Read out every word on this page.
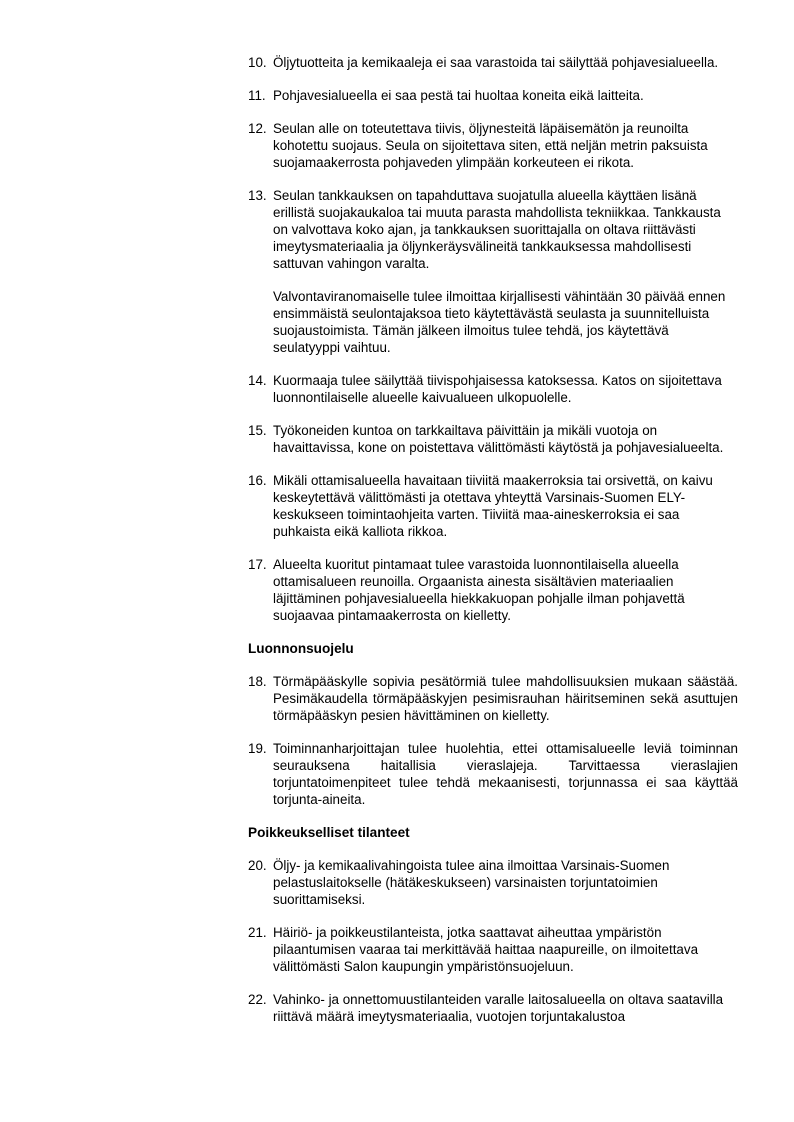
10. Öljytuotteita ja kemikaaleja ei saa varastoida tai säilyttää pohjavesialueella.

11. Pohjavesialueella ei saa pestä tai huoltaa koneita eikä laitteita.

12. Seulan alle on toteutettava tiivis, öljynesteitä läpäisemätön ja reunoilta kohotettu suojaus. Seula on sijoitettava siten, että neljän metrin paksuista suojamaakerrosta pohjaveden ylimpään korkeuteen ei rikota.

13. Seulan tankkauksen on tapahduttava suojatulla alueella käyttäen lisänä erillistä suojakaukaloa tai muuta parasta mahdollista tekniikkaa. Tankkausta on valvottava koko ajan, ja tankkauksen suorittajalla on oltava riittävästi imeytysmateriaalia ja öljynkeräysvälineitä tankkauksessa mahdollisesti sattuvan vahingon varalta.

Valvontaviranomaiselle tulee ilmoittaa kirjallisesti vähintään 30 päivää ennen ensimmäistä seulontajaksoa tieto käytettävästä seulasta ja suunnitelluista suojaustoimista. Tämän jälkeen ilmoitus tulee tehdä, jos käytettävä seulatyyppi vaihtuu.

14. Kuormaaja tulee säilyttää tiivispohjaisessa katoksessa. Katos on sijoitettava luonnontilaiselle alueelle kaivualueen ulkopuolelle.

15. Työkoneiden kuntoa on tarkkailtava päivittäin ja mikäli vuotoja on havaittavissa, kone on poistettava välittömästi käytöstä ja pohjavesialueelta.

16. Mikäli ottamisalueella havaitaan tiiviitä maakerroksia tai orsivettä, on kaivu keskeytettävä välittömästi ja otettava yhteyttä Varsinais-Suomen ELY-keskukseen toimintaohjeita varten. Tiiviitä maa-aineskerroksia ei saa puhkaista eikä kalliota rikkoa.

17. Alueelta kuoritut pintamaat tulee varastoida luonnontilaisella alueella ottamisalueen reunoilla. Orgaanista ainesta sisältävien materiaalien läjittäminen pohjavesialueella hiekkakuopan pohjalle ilman pohjavettä suojaavaa pintamaakerrosta on kielletty.

Luonnonsuojelu
18. Törmäpääskylle sopivia pesätörmiä tulee mahdollisuuksien mukaan säästää. Pesimäkaudella törmäpääskyjen pesimisrauhan häiritseminen sekä asuttujen törmäpääskyn pesien hävittäminen on kielletty.

19. Toiminnanharjoittajan tulee huolehtia, ettei ottamisalueelle leviä toiminnan seurauksena haitallisia vieraslajeja. Tarvittaessa vieraslajien torjuntatoimenpiteet tulee tehdä mekaanisesti, torjunnassa ei saa käyttää torjunta-aineita.

Poikkeukselliset tilanteet
20. Öljy- ja kemikaalivahingoista tulee aina ilmoittaa Varsinais-Suomen pelastuslaitokselle (hätäkeskukseen) varsinaisten torjuntatoimien suorittamiseksi.

21. Häiriö- ja poikkeustilanteista, jotka saattavat aiheuttaa ympäristön pilaantumisen vaaraa tai merkittävää haittaa naapureille, on ilmoitettava välittömästi Salon kaupungin ympäristönsuojeluun.

22. Vahinko- ja onnettomuustilanteiden varalle laitosalueella on oltava saatavilla riittävä määrä imeytysmateriaalia, vuotojen torjuntakalustoa
